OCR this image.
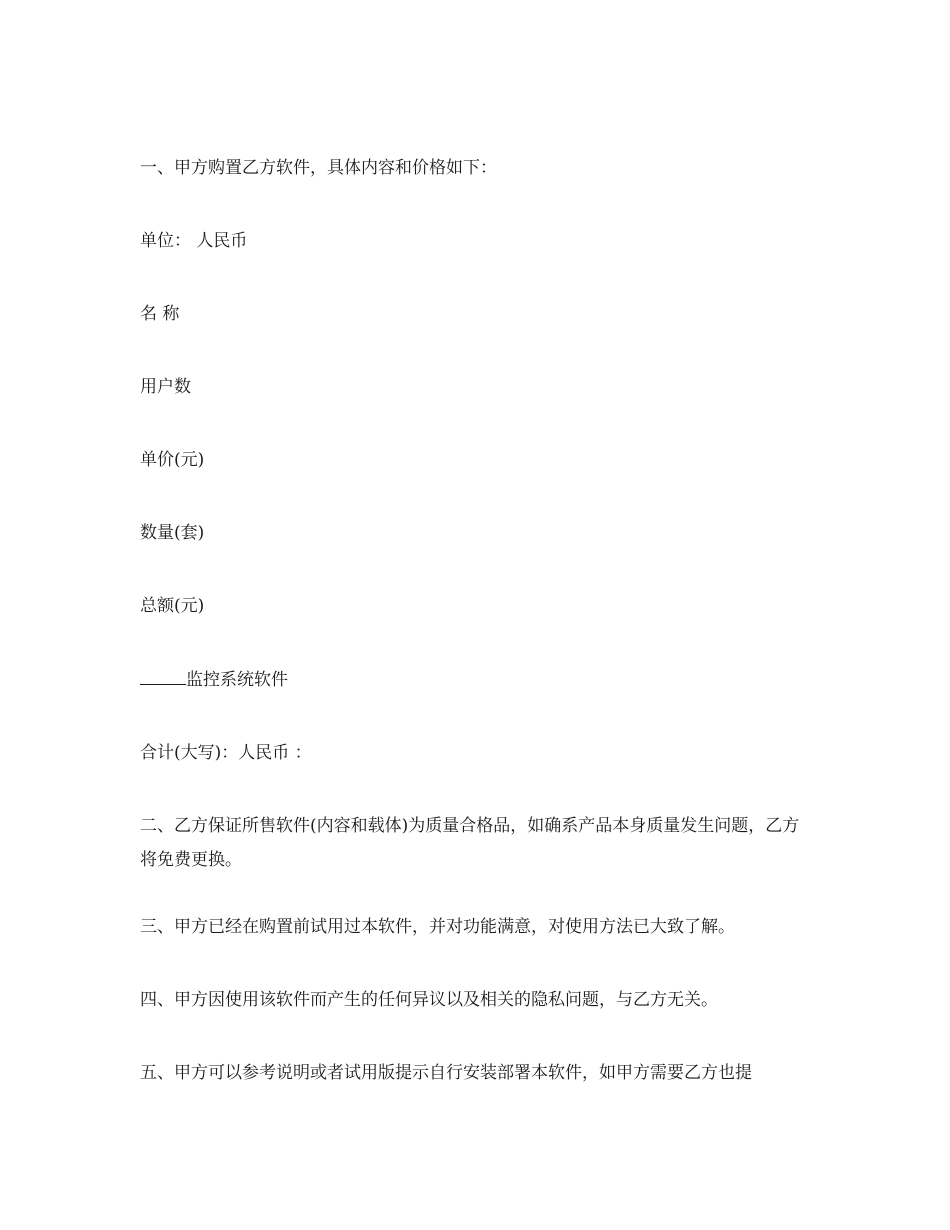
一、甲方购置乙方软件，具体内容和价格如下：

单位： 人民币

名 称

用户数

单价(元)

数量(套)

总额(元)

监控系统软件

合计(大写)：人民币 ：

二、乙方保证所售软件(内容和载体)为质量合格品，如确系产品本身质量发生问题，乙方将免费更换。

三、甲方已经在购置前试用过本软件，并对功能满意，对使用方法已大致了解。

四、甲方因使用该软件而产生的任何异议以及相关的隐私问题，与乙方无关。

五、甲方可以参考说明或者试用版提示自行安装部署本软件，如甲方需要乙方也提
